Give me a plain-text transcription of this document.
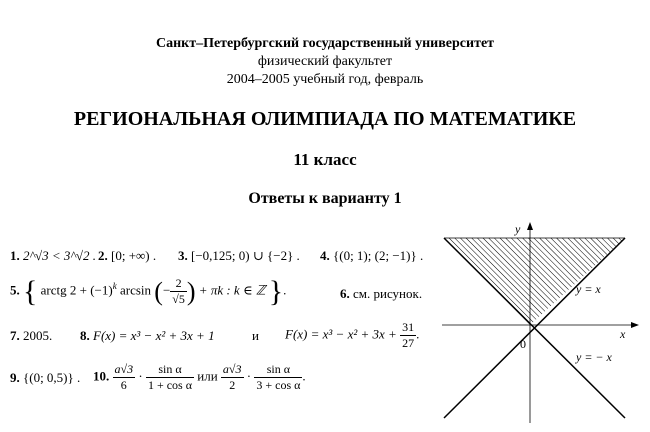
Санкт–Петербургский государственный университет
физический факультет
2004–2005 учебный год, февраль
РЕГИОНАЛЬНАЯ ОЛИМПИАДА ПО МАТЕМАТИКЕ
11 класс
Ответы к варианту 1
1. 2^√3 < 3^√2 . 2. [0; +∞) . 3. [−0,125; 0) ∪ {−2} . 4. {(0; 1); (2; −1)} .
5. { arctg $2 + (-1)^k$ arcsin (− $\frac{2}{√5}$ ) + πk : k ∈ ℤ }.	6. см. рисунок.
7. 2005. 8. F(x) = x³ − x² + 3x + 1	и $F(x) = x^3 - x^2 + 3x + \frac{31}{27}$ .
9. {(0; 0,5)} . 10. $\frac{a√3}{6} \cdot \frac{\text{sin α}}{\text{1 + cos α}}$ или $\frac{a√3}{2} \cdot \frac{\text{sin α}}{\text{3 + cos α}}$ .
y
x
0
y = x
y = − x
